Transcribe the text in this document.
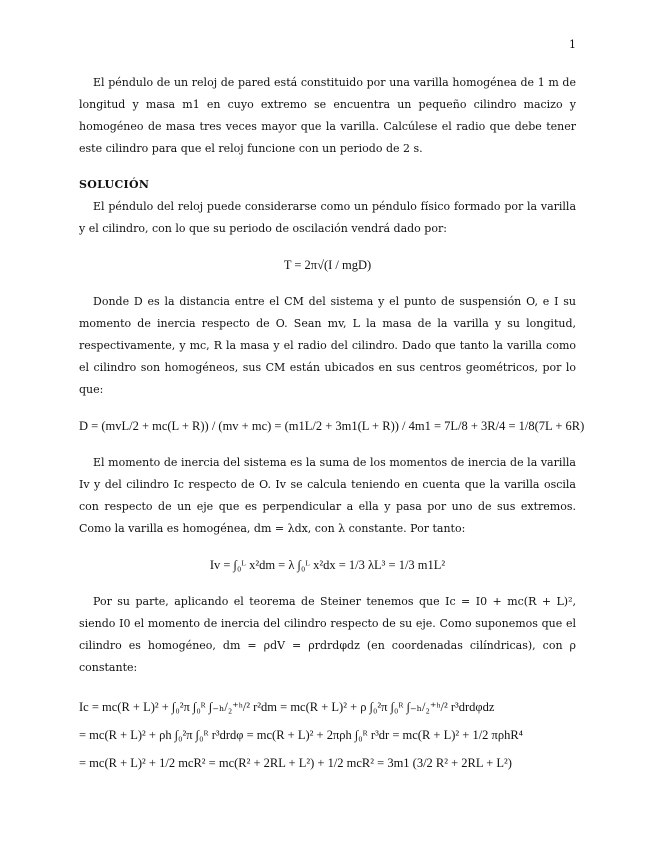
1

El péndulo de un reloj de pared está constituido por una varilla homogénea de 1 m de longitud y masa m1 en cuyo extremo se encuentra un pequeño cilindro macizo y homogéneo de masa tres veces mayor que la varilla. Calcúlese el radio que debe tener este cilindro para que el reloj funcione con un periodo de 2 s.

SOLUCIÓN

El péndulo del reloj puede considerarse como un péndulo físico formado por la varilla y el cilindro, con lo que su periodo de oscilación vendrá dado por:

T = 2π√(I / mgD)

Donde D es la distancia entre el CM del sistema y el punto de suspensión O, e I su momento de inercia respecto de O. Sean mv, L la masa de la varilla y su longitud, respectivamente, y mc, R la masa y el radio del cilindro. Dado que tanto la varilla como el cilindro son homogéneos, sus CM están ubicados en sus centros geométricos, por lo que:

D = (mvL/2 + mc(L + R)) / (mv + mc) = (m1L/2 + 3m1(L + R)) / 4m1 = 7L/8 + 3R/4 = 1/8(7L + 6R)

El momento de inercia del sistema es la suma de los momentos de inercia de la varilla Iv y del cilindro Ic respecto de O. Iv se calcula teniendo en cuenta que la varilla oscila con respecto de un eje que es perpendicular a ella y pasa por uno de sus extremos. Como la varilla es homogénea, dm = λdx, con λ constante. Por tanto:

Iv = ∫₀ᴸ x²dm = λ ∫₀ᴸ x²dx = 1/3 λL³ = 1/3 m1L²

Por su parte, aplicando el teorema de Steiner tenemos que Ic = I0 + mc(R + L)², siendo I0 el momento de inercia del cilindro respecto de su eje. Como suponemos que el cilindro es homogéneo, dm = ρdV = ρrdrdφdz (en coordenadas cilíndricas), con ρ constante:

Ic = mc(R + L)² + ∫₀²π ∫₀ᴿ ∫₋ₕ/₂⁺ʰ/² r²dm = mc(R + L)² + ρ ∫₀²π ∫₀ᴿ ∫₋ₕ/₂⁺ʰ/² r³drdφdz
= mc(R + L)² + ρh ∫₀²π ∫₀ᴿ r³drdφ = mc(R + L)² + 2πρh ∫₀ᴿ r³dr = mc(R + L)² + 1/2 πρhR⁴
= mc(R + L)² + 1/2 mcR² = mc(R² + 2RL + L²) + 1/2 mcR² = 3m1 (3/2 R² + 2RL + L²)
